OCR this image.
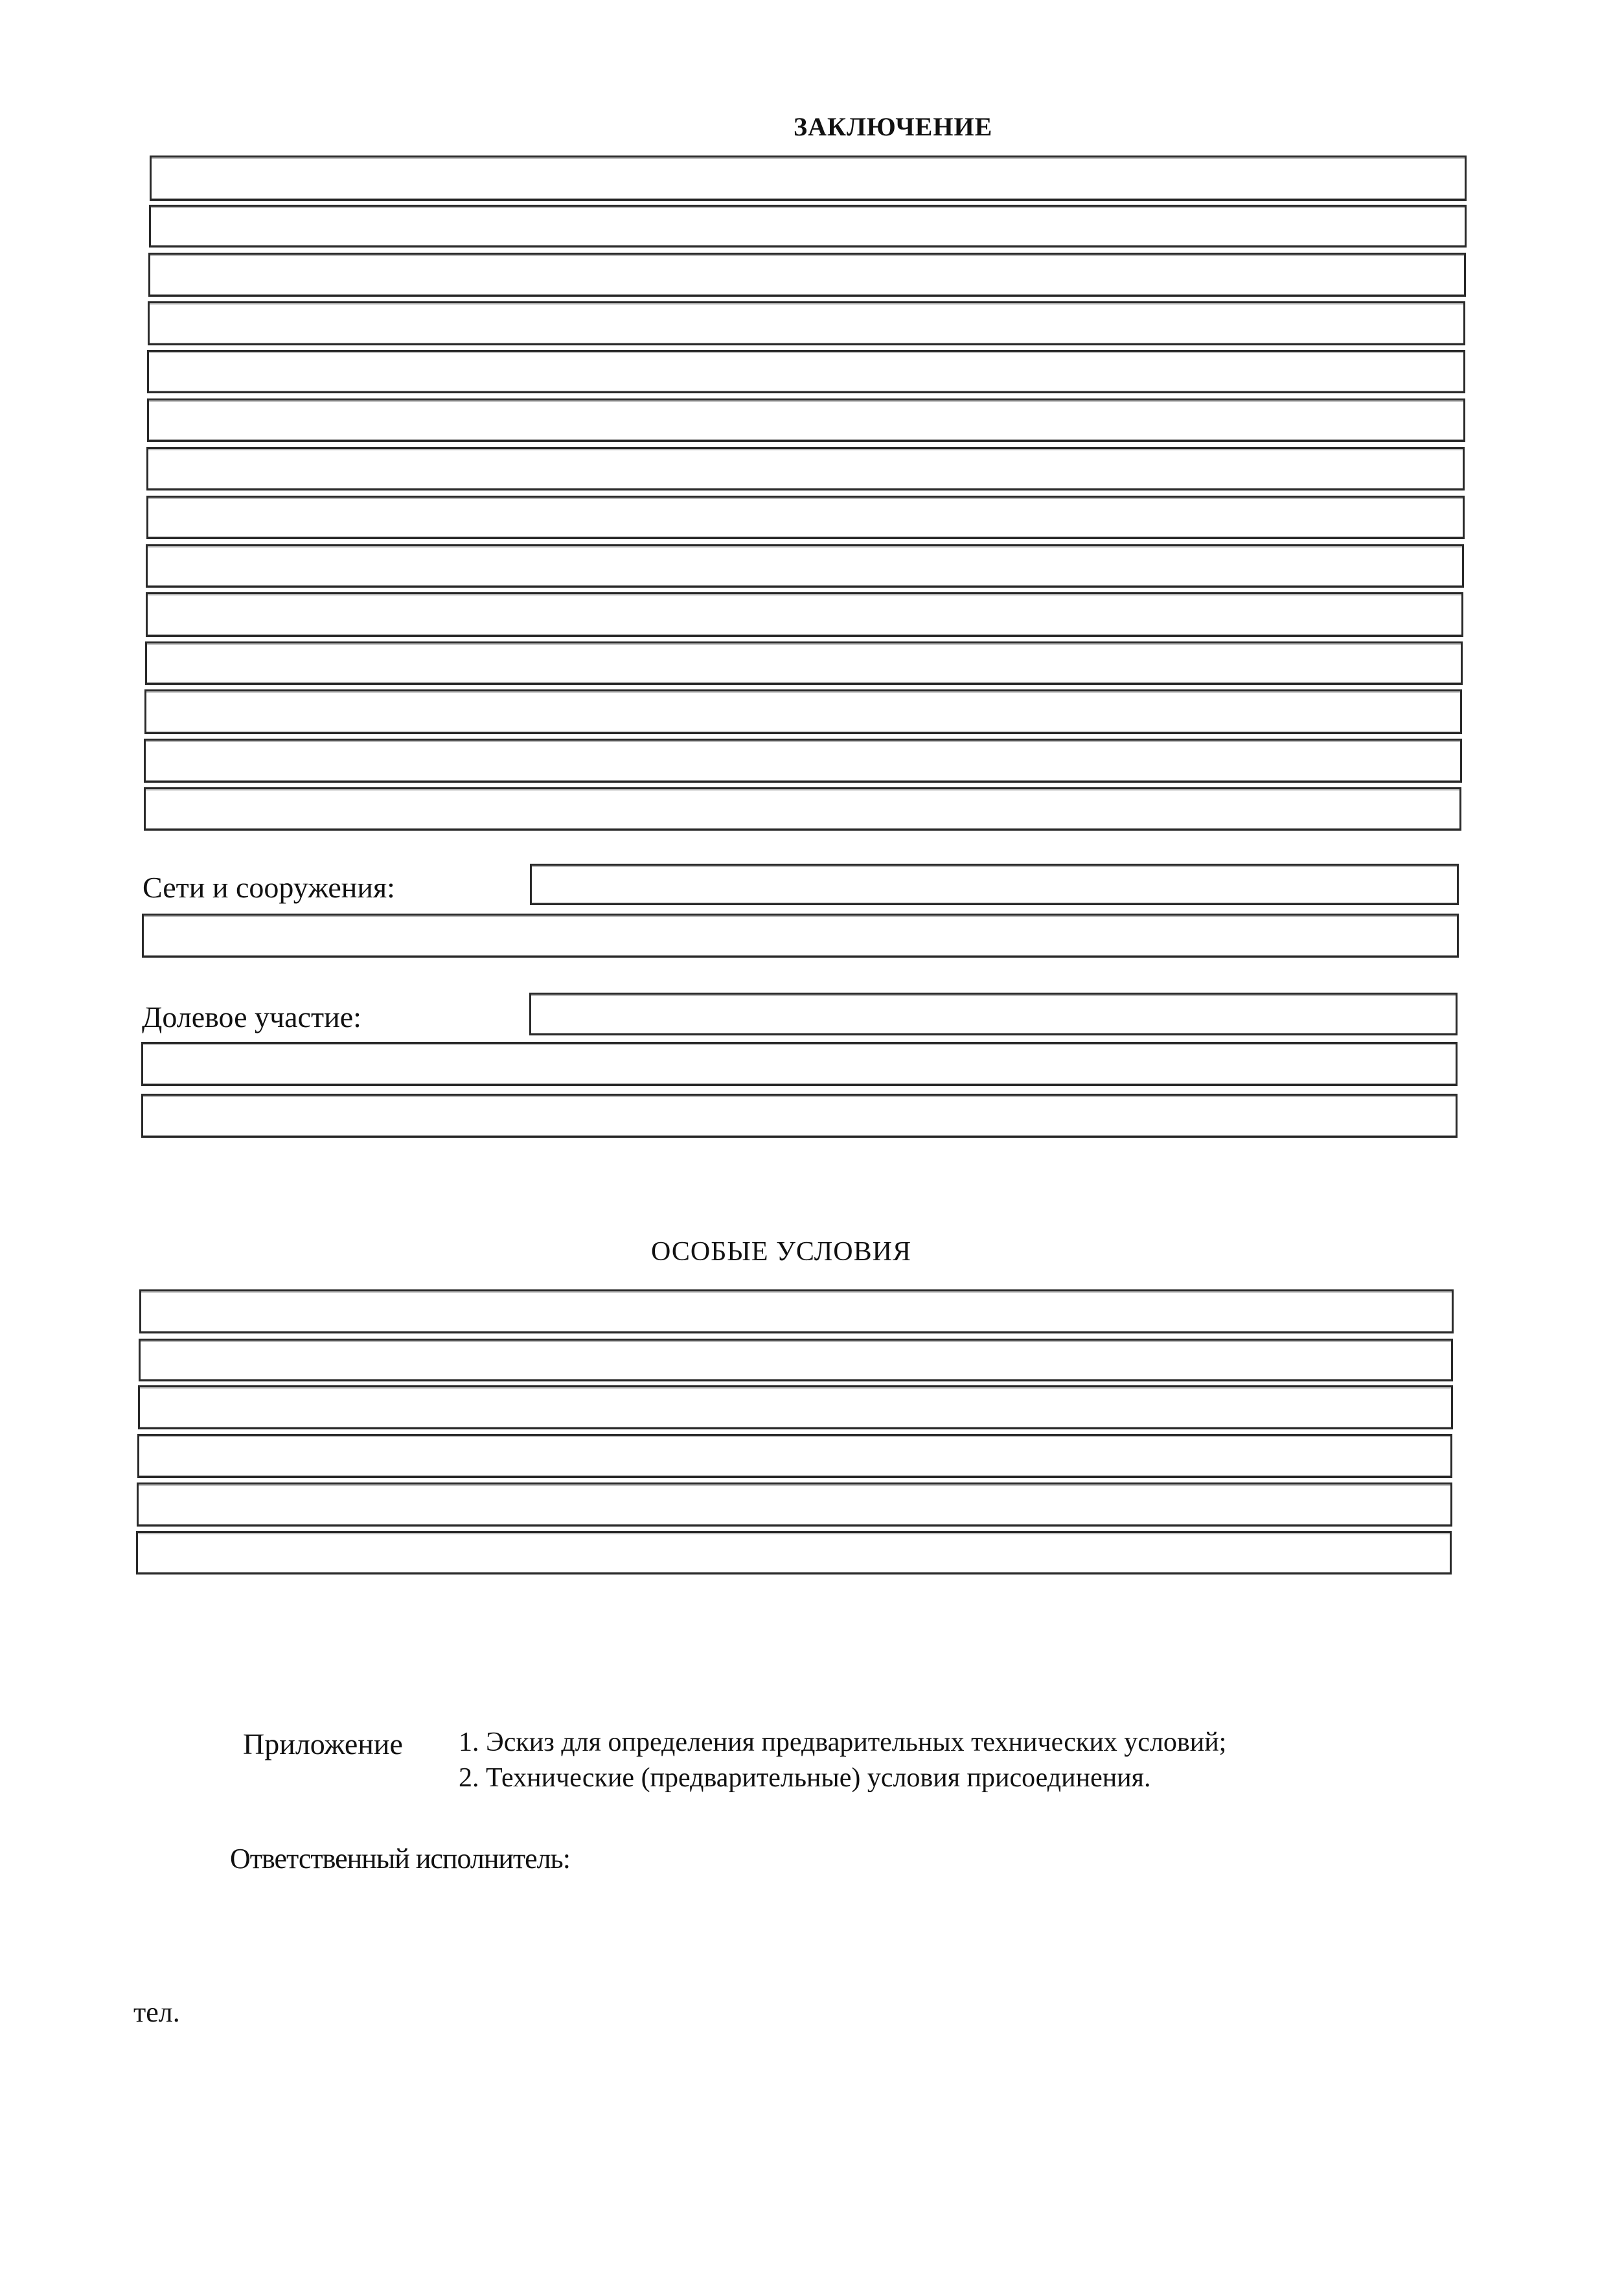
ЗАКЛЮЧЕНИЕ
Сети и сооружения:
Долевое участие:
ОСОБЫЕ УСЛОВИЯ
Приложение 1. Эскиз для определения предварительных технических условий;
2. Технические (предварительные) условия присоединения.
Ответственный исполнитель:
тел.
